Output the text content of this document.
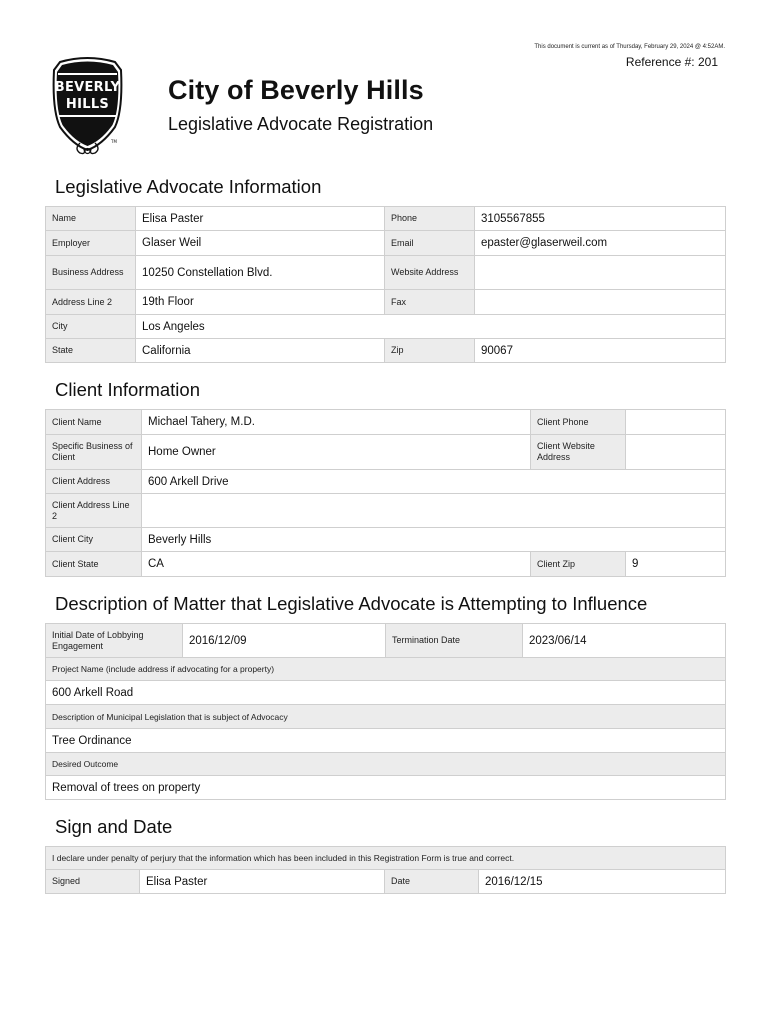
This document is current as of Thursday, February 29, 2024 @ 4:52AM.
Reference #: 201
BEVERLY
HILLS
TM
City of Beverly Hills
Legislative Advocate Registration
Legislative Advocate Information
Name	Elisa Paster	Phone	3105567855
Employer	Glaser Weil	Email	epaster@glaserweil.com
Business Address	10250 Constellation Blvd.	Website Address	
Address Line 2	19th Floor	Fax	
City	Los Angeles		
State	California	Zip	90067
Client Information
Client Name	Michael Tahery, M.D.	Client Phone	
Specific Business of Client	Home Owner	Client Website Address	
Client Address	600 Arkell Drive		
Client Address Line 2			
Client City	Beverly Hills		
Client State	CA	Client Zip	9
Description of Matter that Legislative Advocate is Attempting to Influence
Initial Date of Lobbying Engagement	2016/12/09	Termination Date	2023/06/14
Project Name (include address if advocating for a property)
600 Arkell Road
Description of Municipal Legislation that is subject of Advocacy
Tree Ordinance
Desired Outcome
Removal of trees on property
Sign and Date
I declare under penalty of perjury that the information which has been included in this Registration Form is true and correct.
Signed	Elisa Paster	Date	2016/12/15
